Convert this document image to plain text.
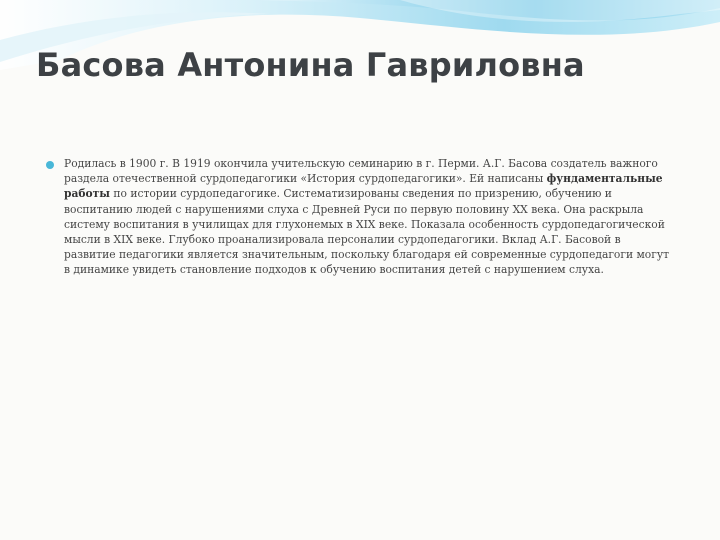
Басова Антонина Гавриловна
Родилась в 1900 г. В 1919 окончила учительскую семинарию в г. Перми. А.Г. Басова создатель важного раздела отечественной сурдопедагогики «История сурдопедагогики». Ей написаны фундаментальные работы по истории сурдопедагогике. Систематизированы сведения по призрению, обучению и воспитанию людей с нарушениями слуха с Древней Руси по первую половину XX века. Она раскрыла систему воспитания в училищах для глухонемых в XIX веке. Показала особенность сурдопедагогической мысли в XIX веке. Глубоко проанализировала персоналии сурдопедагогики. Вклад А.Г. Басовой в развитие педагогики является значительным, поскольку благодаря ей современные сурдопедагоги могут в динамике увидеть становление подходов к обучению воспитания детей с нарушением слуха.
